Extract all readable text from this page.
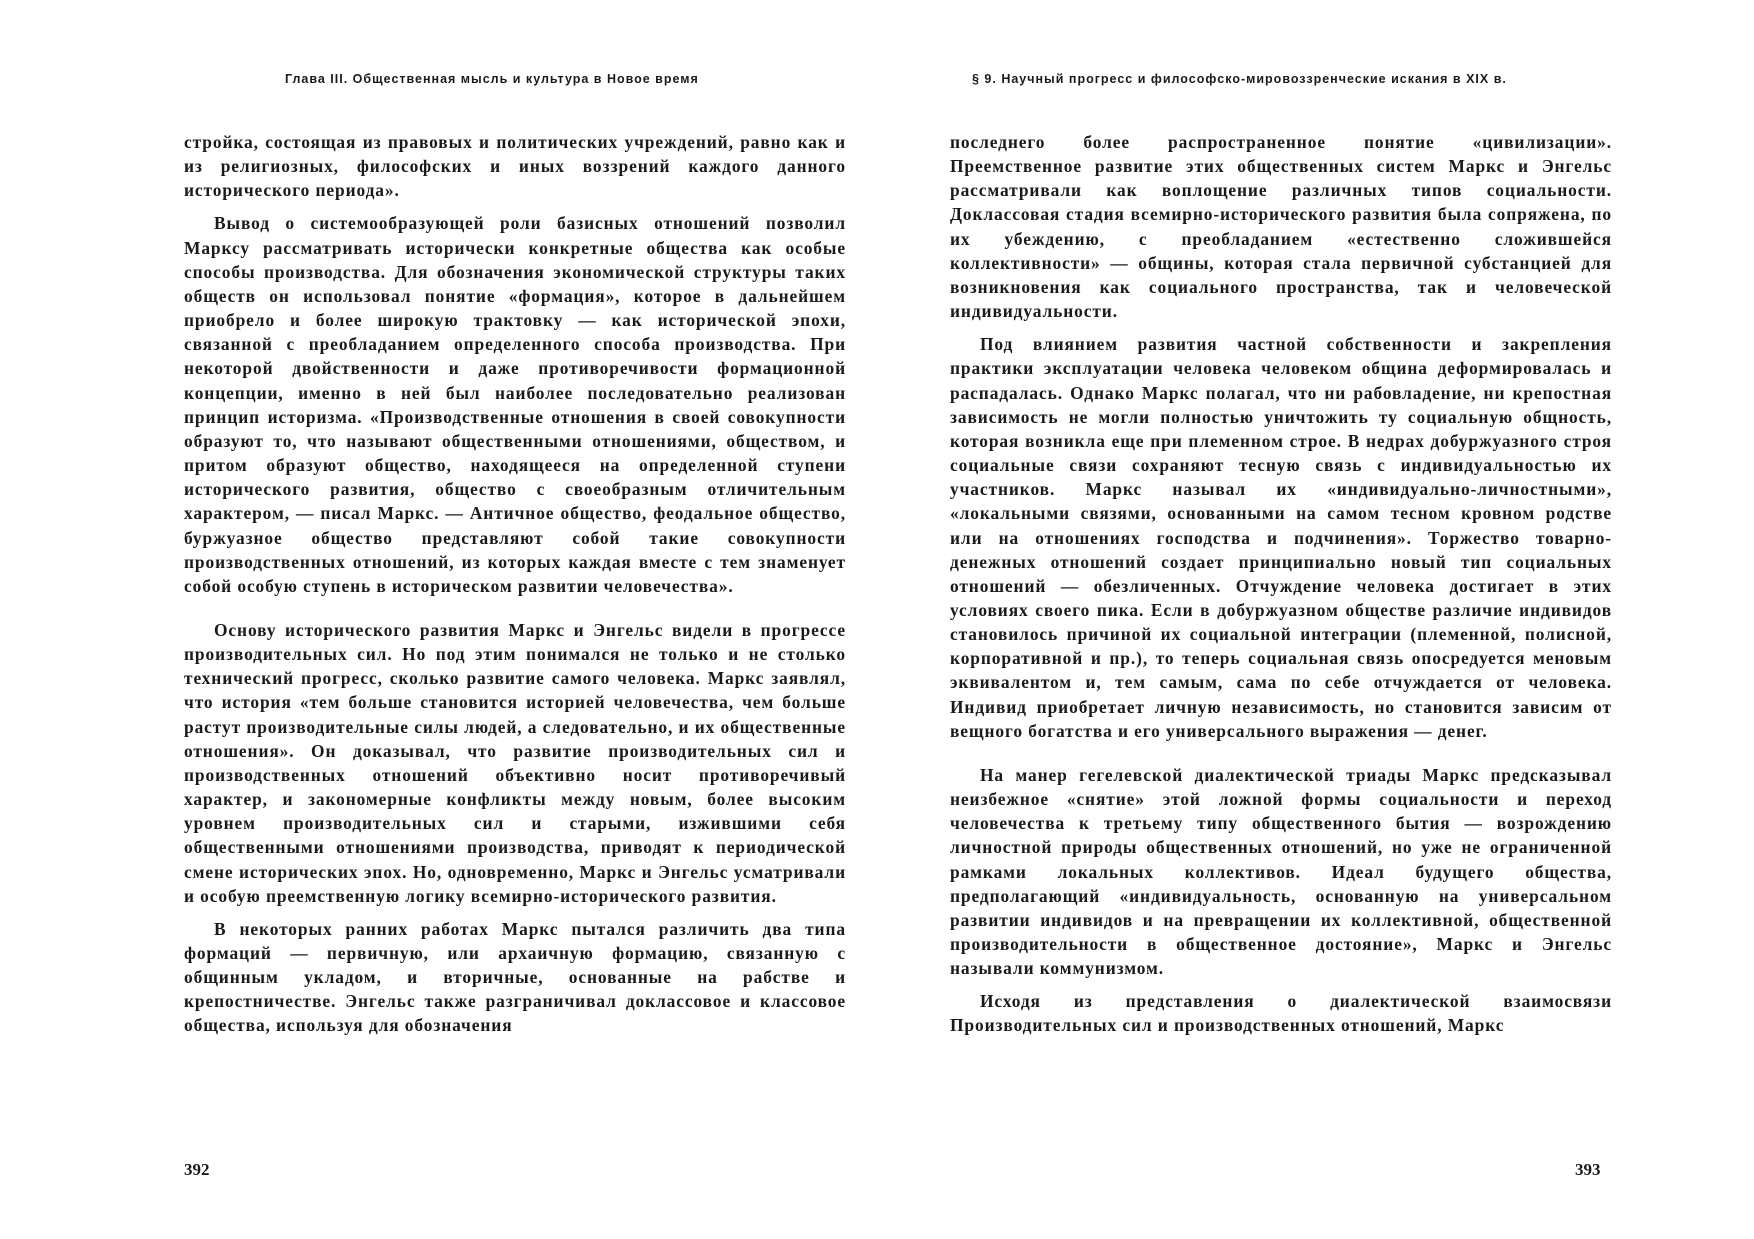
Глава III. Общественная мысль и культура в Новое время

стройка, состоящая из правовых и политических учреждений, равно как и из религиозных, философских и иных воззрений каждого данного исторического периода».

Вывод о системообразующей роли базисных отношений позволил Марксу рассматривать исторически конкретные общества как особые способы производства. Для обозначения экономической структуры таких обществ он использовал понятие «формация», которое в дальнейшем приобрело и более широкую трактовку — как исторической эпохи, связанной с преобладанием определенного способа производства. При некоторой двойственности и даже противоречивости формационной концепции, именно в ней был наиболее последовательно реализован принцип историзма. «Производственные отношения в своей совокупности образуют то, что называют общественными отношениями, обществом, и притом образуют общество, находящееся на определенной ступени исторического развития, общество с своеобразным отличительным характером, — писал Маркс. — Античное общество, феодальное общество, буржуазное общество представляют собой такие совокупности производственных отношений, из которых каждая вместе с тем знаменует собой особую ступень в историческом развитии человечества».

Основу исторического развития Маркс и Энгельс видели в прогрессе производительных сил. Но под этим понимался не только и не столько технический прогресс, сколько развитие самого человека. Маркс заявлял, что история «тем больше становится историей человечества, чем больше растут производительные силы людей, а следовательно, и их общественные отношения». Он доказывал, что развитие производительных сил и производственных отношений объективно носит противоречивый характер, и закономерные конфликты между новым, более высоким уровнем производительных сил и старыми, изжившими себя общественными отношениями производства, приводят к периодической смене исторических эпох. Но, одновременно, Маркс и Энгельс усматривали и особую преемственную логику всемирно-исторического развития.

В некоторых ранних работах Маркс пытался различить два типа формаций — первичную, или архаичную формацию, связанную с общинным укладом, и вторичные, основанные на рабстве и крепостничестве. Энгельс также разграничивал доклассовое и классовое общества, используя для обозначения

392

§ 9. Научный прогресс и философско-мировоззренческие искания в XIX в.

последнего более распространенное понятие «цивилизации». Преемственное развитие этих общественных систем Маркс и Энгельс рассматривали как воплощение различных типов социальности. Доклассовая стадия всемирно-исторического развития была сопряжена, по их убеждению, с преобладанием «естественно сложившейся коллективности» — общины, которая стала первичной субстанцией для возникновения как социального пространства, так и человеческой индивидуальности.

Под влиянием развития частной собственности и закрепления практики эксплуатации человека человеком община деформировалась и распадалась. Однако Маркс полагал, что ни рабовладение, ни крепостная зависимость не могли полностью уничтожить ту социальную общность, которая возникла еще при племенном строе. В недрах добуржуазного строя социальные связи сохраняют тесную связь с индивидуальностью их участников. Маркс называл их «индивидуально-личностными», «локальными связями, основанными на самом тесном кровном родстве или на отношениях господства и подчинения». Торжество товарно-денежных отношений создает принципиально новый тип социальных отношений — обезличенных. Отчуждение человека достигает в этих условиях своего пика. Если в добуржуазном обществе различие индивидов становилось причиной их социальной интеграции (племенной, полисной, корпоративной и пр.), то теперь социальная связь опосредуется меновым эквивалентом и, тем самым, сама по себе отчуждается от человека. Индивид приобретает личную независимость, но становится зависим от вещного богатства и его универсального выражения — денег.

На манер гегелевской диалектической триады Маркс предсказывал неизбежное «снятие» этой ложной формы социальности и переход человечества к третьему типу общественного бытия — возрождению личностной природы общественных отношений, но уже не ограниченной рамками локальных коллективов. Идеал будущего общества, предполагающий «индивидуальность, основанную на универсальном развитии индивидов и на превращении их коллективной, общественной производительности в общественное достояние», Маркс и Энгельс называли коммунизмом.

Исходя из представления о диалектической взаимосвязи Производительных сил и производственных отношений, Маркс

393
